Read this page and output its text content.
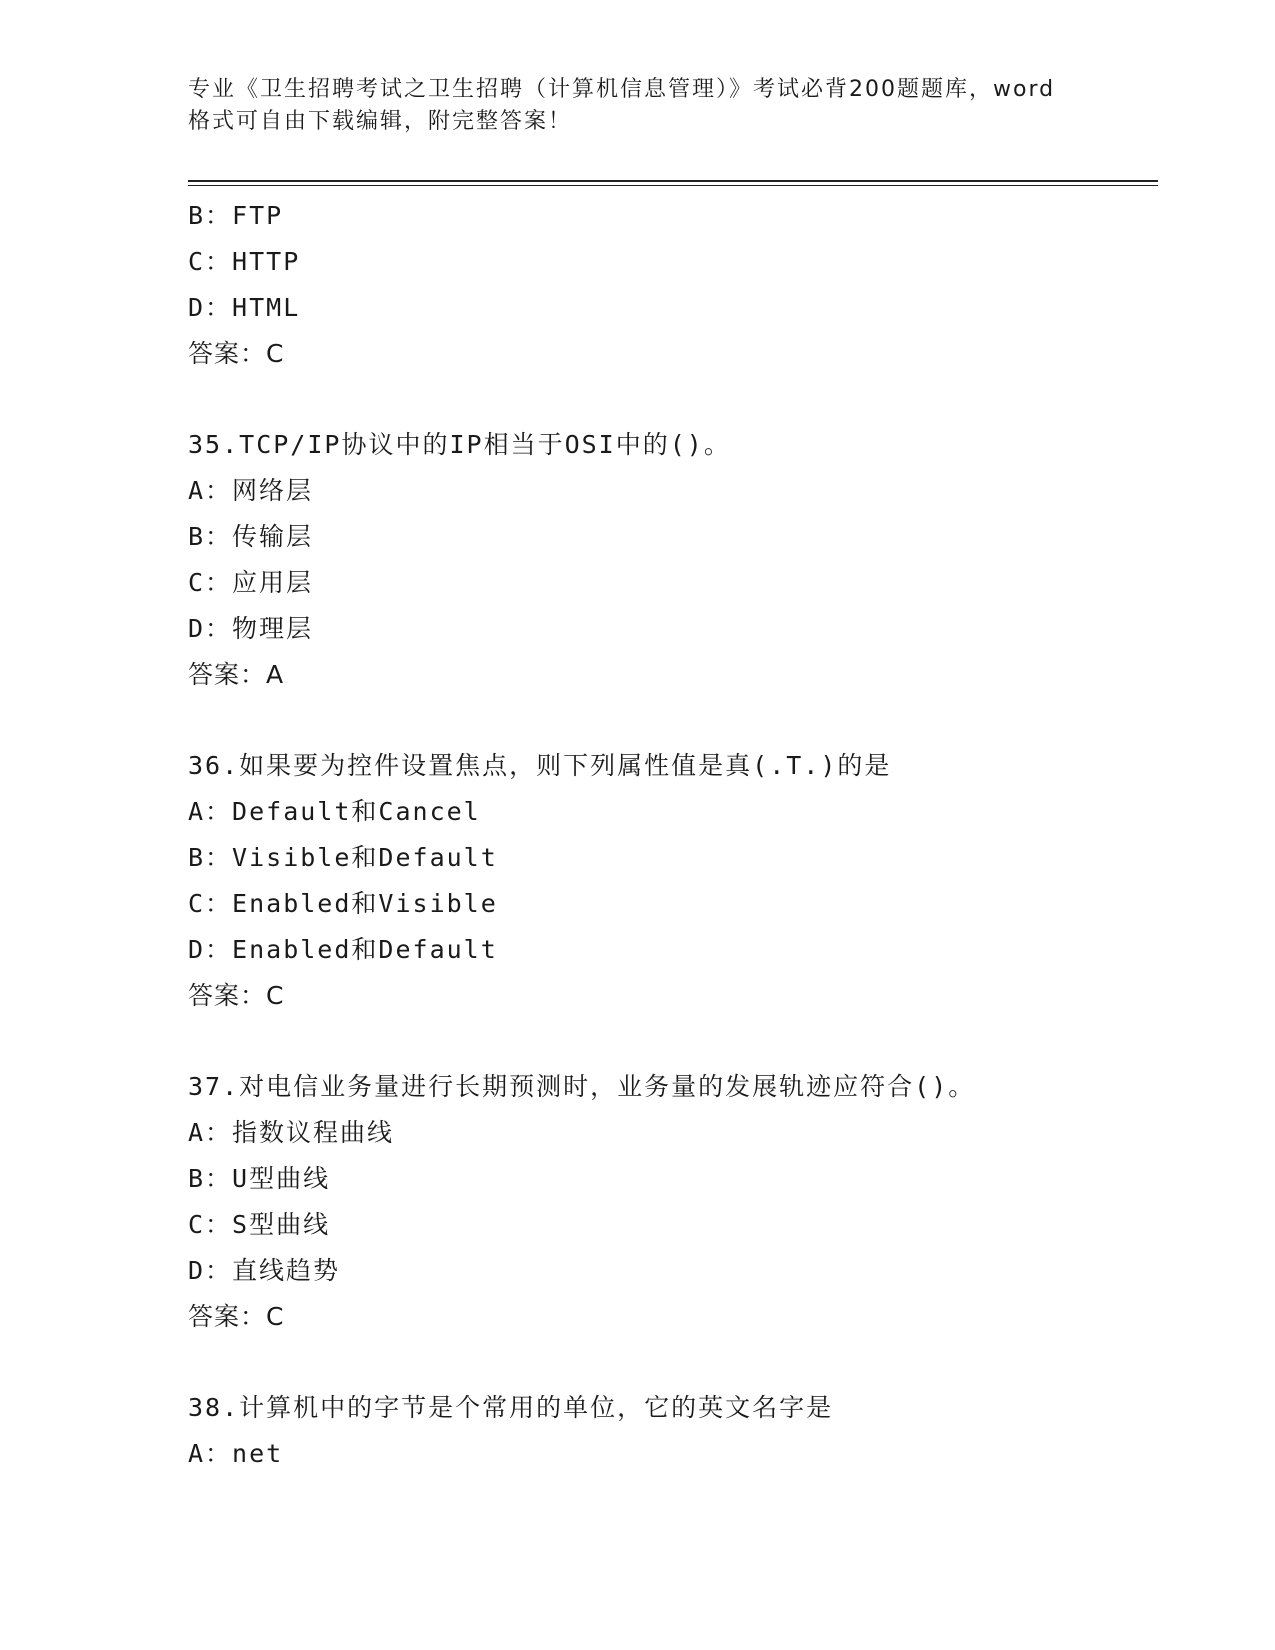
专业《卫生招聘考试之卫生招聘（计算机信息管理）》考试必背200题题库，word
格式可自由下载编辑，附完整答案！
B：FTP
C：HTTP
D：HTML
答案：C
35.TCP/IP协议中的IP相当于OSI中的()。
A：网络层
B：传输层
C：应用层
D：物理层
答案：A
36.如果要为控件设置焦点，则下列属性值是真(.T.)的是
A：Default和Cancel
B：Visible和Default
C：Enabled和Visible
D：Enabled和Default
答案：C
37.对电信业务量进行长期预测时，业务量的发展轨迹应符合()。
A：指数议程曲线
B：U型曲线
C：S型曲线
D：直线趋势
答案：C
38.计算机中的字节是个常用的单位，它的英文名字是
A：net
